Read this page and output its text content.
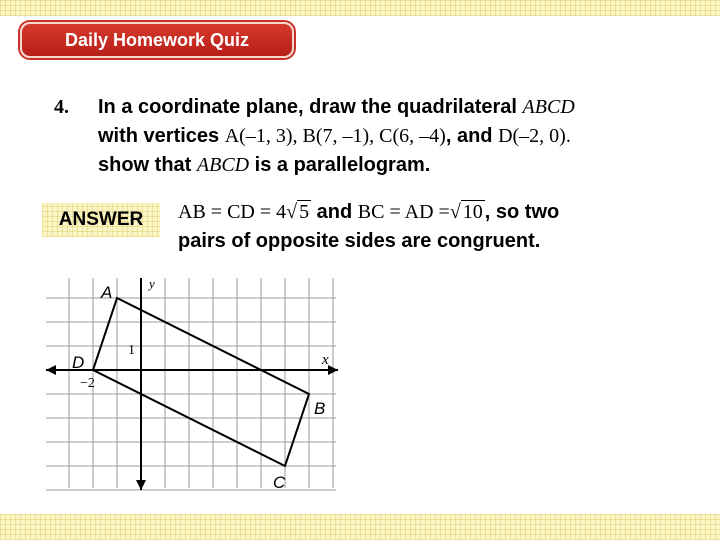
Daily Homework Quiz
4. In a coordinate plane, draw the quadrilateral ABCD
with vertices A(–1, 3), B(7, –1), C(6, –4), and D(–2, 0).
show that ABCD is a parallelogram.
ANSWER	AB = CD = 4√ 5 and BC = AD =√ 10 , so two
pairs of opposite sides are congruent.
y
x
1
−2
A
B
C
D
